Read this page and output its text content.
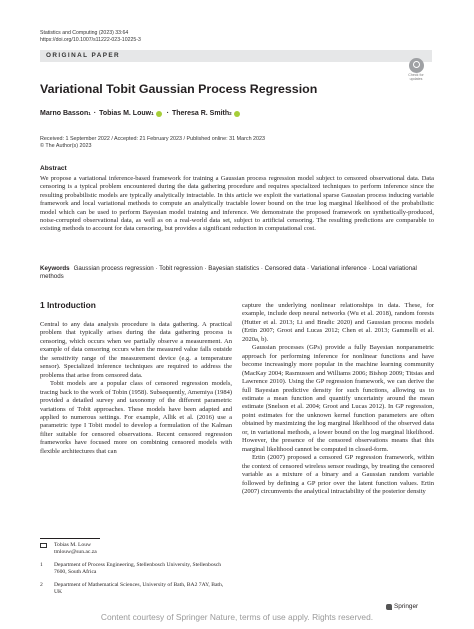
Statistics and Computing (2023) 33:64
https://doi.org/10.1007/s11222-023-10225-3
ORIGINAL PAPER
Check for
updates
Variational Tobit Gaussian Process Regression
Marno Basson 1 · Tobias M. Louw 1 · Theresa R. Smith 2
Received: 1 September 2022 / Accepted: 21 February 2023 / Published online: 31 March 2023
© The Author(s) 2023
Abstract

We propose a variational inference-based framework for training a Gaussian process regression model subject to censored observational data. Data censoring is a typical problem encountered during the data gathering procedure and requires specialized techniques to perform inference since the resulting probabilistic models are typically analytically intractable. In this article we exploit the variational sparse Gaussian process inducing variable framework and local variational methods to compute an analytically tractable lower bound on the true log marginal likelihood of the probabilistic model which can be used to perform Bayesian model training and inference. We demonstrate the proposed framework on synthetically-produced, noise-corrupted observational data, as well as on a real-world data set, subject to artificial censoring. The resulting predictions are comparable to existing methods to account for data censoring, but provides a significant reduction in computational cost.

Keywords Gaussian process regression · Tobit regression · Bayesian statistics · Censored data · Variational inference · Local variational methods
1 Introduction

Central to any data analysis procedure is data gathering. A practical problem that typically arises during the data gathering process is censoring, which occurs when we partially observe a measurement. An example of data censoring occurs when the measured value falls outside the sensitivity range of the measurement device (e.g. a temperature sensor). Specialized inference techniques are required to address the problems that arise from censored data.

Tobit models are a popular class of censored regression models, tracing back to the work of Tobin (1958). Subsequently, Amemiya (1984) provided a detailed survey and taxonomy of the different parametric variations of Tobit approaches. These models have been adapted and applied to numerous settings. For example, Allik et al. (2016) use a parametric type I Tobit model to develop a formulation of the Kalman filter suitable for censored observations. Recent censored regression frameworks have focused more on combining censored models with flexible architectures that can

capture the underlying nonlinear relationships in data. These, for example, include deep neural networks (Wu et al. 2018), random forests (Hutter et al. 2013; Li and Bradic 2020) and Gaussian process models (Ertin 2007; Groot and Lucas 2012; Chen et al. 2013; Gammelli et al. 2020a, b).

Gaussian processes (GPs) provide a fully Bayesian nonparametric approach for performing inference for nonlinear functions and have become increasingly more popular in the machine learning community (MacKay 2004; Rasmussen and Williams 2006; Bishop 2009; Titsias and Lawrence 2010). Using the GP regression framework, we can derive the full Bayesian predictive density for such functions, allowing us to estimate a mean function and quantify uncertainty around the mean estimate (Snelson et al. 2004; Groot and Lucas 2012). In GP regression, point estimates for the unknown kernel function parameters are often obtained by maximizing the log marginal likelihood of the observed data or, in variational methods, a lower bound on the log marginal likelihood. However, the presence of the censored observations means that this marginal likelihood cannot be computed in closed-form.

Ertin (2007) proposed a censored GP regression framework, within the context of censored wireless sensor readings, by treating the censored variable as a mixture of a binary and a Gaussian random variable followed by defining a GP prior over the latent function values. Ertin (2007) circumvents the analytical intractability of the posterior density

Tobias M. Louw
tmlouw@sun.ac.za
1	Department of Process Engineering, Stellenbosch University, Stellenbosch 7600, South Africa
2	Department of Mathematical Sciences, University of Bath, BA2 7AY, Bath, UK
Springer
Content courtesy of Springer Nature, terms of use apply. Rights reserved.
